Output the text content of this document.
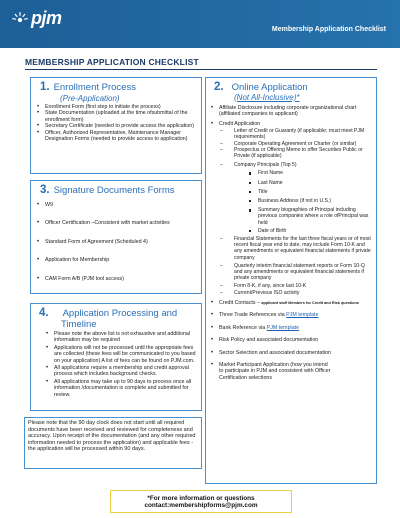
pjm
Membership Application Checklist
MEMBERSHIP APPLICATION CHECKLIST
1. Enrollment Process
(Pre-Application)
• Enrollment Form (first step to initiate the process)
• State Documentation (uploaded at the time ofsubmittal of the enrollment form)
• Secretary Certificate (needed to provide access the application)
• Officer, Authorized Representative, Maintenance Manager Designation Forms (needed to provide access to application)
3. Signature Documents Forms
• W9
• Officer Certification –Consistent with market activities
• Standard Form of Agreement (Scheduled 4)
• Application for Membership
• CAM Form A/B (PJM tool access)
4. Application Processing and
Timeline
• Please note the above list is not exhaustive and additional information may be required
• Applications will not be processed until the appropriate fees are collected (these fees will be communicated to you based on your application) A list of fees can be found on PJM.com.
• All applications require a membership and credit approval process which includes background checks.
• All applications may take up to 90 days to process once all information /documentation is complete and submitted for review.
Please note that the 90 day clock does not start until all required documents have been received and reviewed for completeness and accuracy. Upon receipt of the documentation (and any other required information needed to process the application) and applicable fees - the application will be processed within 90 days.
2. Online Application
(Not All-Inclusive)*
• Affiliate Disclosure including corporate organizational chart (affiliated companies to applicant)
• Credit Application
– Letter of Credit or Guaranty (if applicable; must meet PJM requirements)
– Corporate Operating Agreement or Charter (or similar)
– Prospectus or Offering Memo to offer Securities Public or Private (if applicable)
– Company Principals (Top 5)
First Name
Last Name
Title
Business Address (if not in U.S.)
Summary biographies of Principal including previous companies where a role ofPrincipal was held
Date of Birth
– Financial Statements for the last three fiscal years or of most recent fiscal year end to date, may include Form 10-K and any amendments or equivalent financial statements if private company
– Quarterly interim financial statement reports or Form 10-Q and any amendments or equivalent financial statements if private company
– Form 8-K, if any, since last 10-K
– Current/Previous ISO activity
• Credit Contacts – applicant staff Members for Credit and Risk questions
• Three Trade References via PJM template
• Bank Reference via PJM template
• Risk Policy and associated documentation
• Sector Selection and associated documentation
• Market Participant Application (how you intend to participate in PJM and consistent with Officer Certification selections
*For more information or questions
contact:membershipforms@pjm.com
